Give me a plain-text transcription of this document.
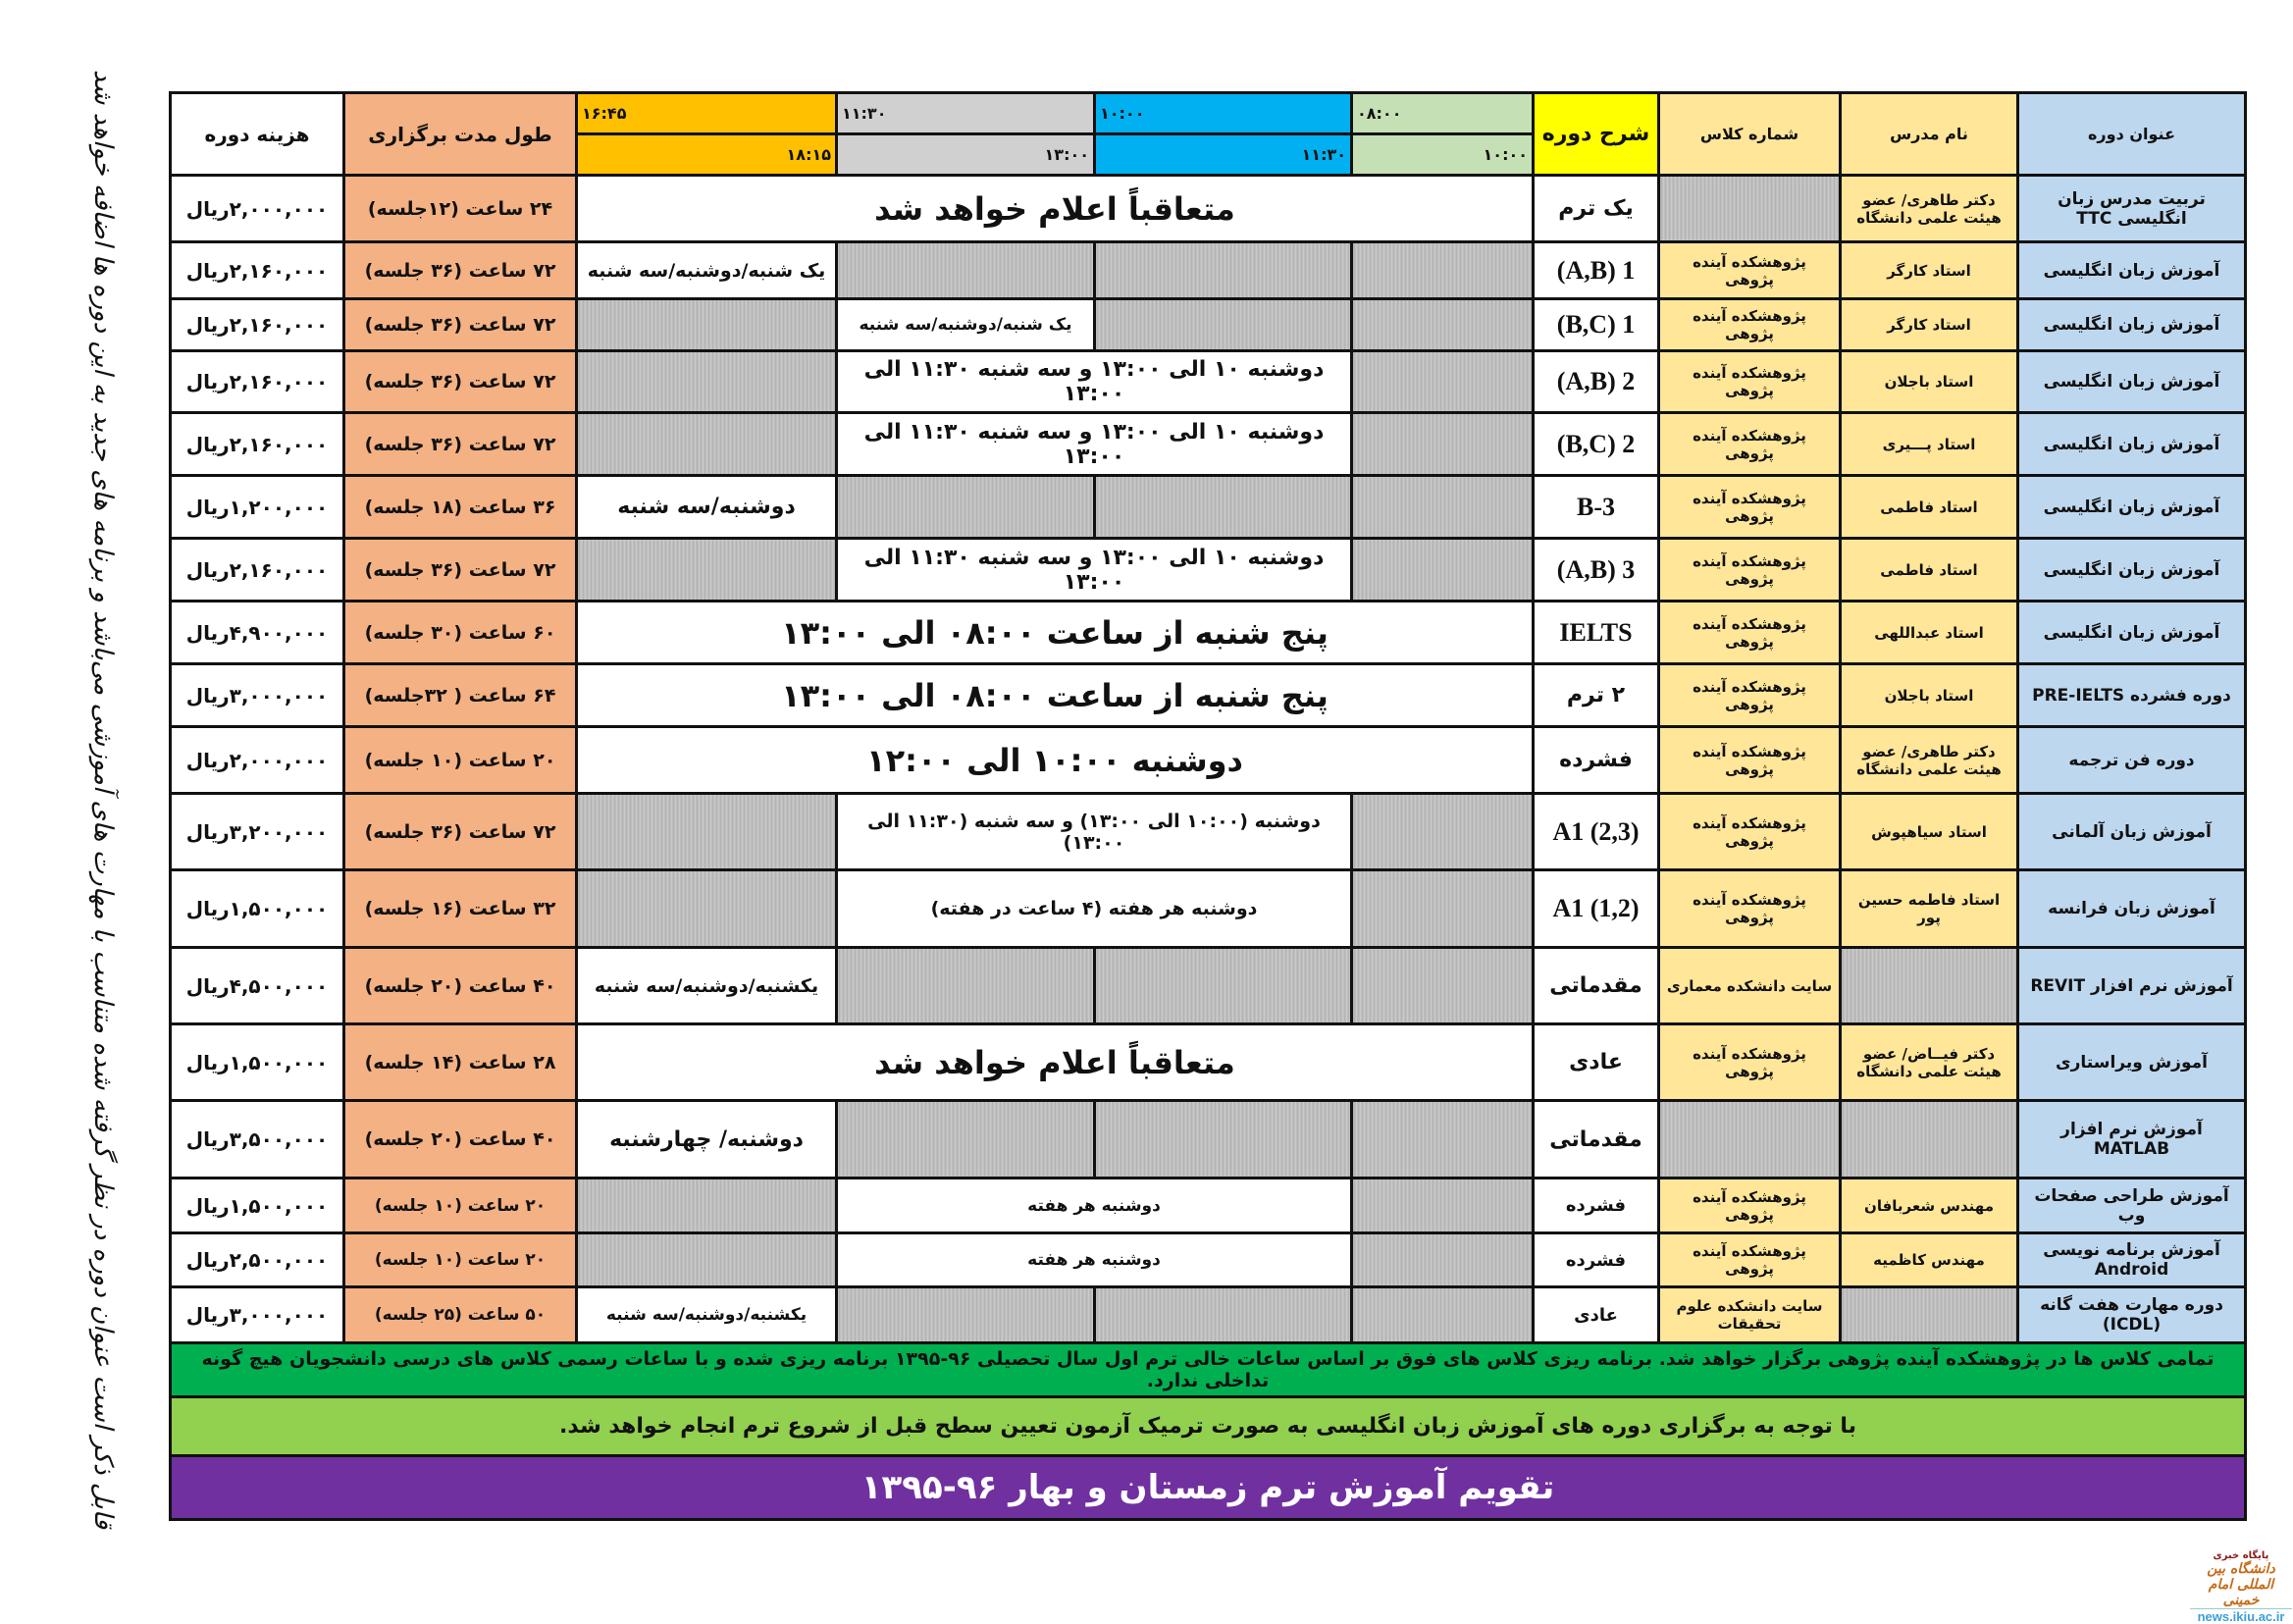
قابل ذکر است عنوان دوره در نظر گرفته شده متناسب با مهارت های آموزشی می‌باشد و برنامه های جدید به این دوره ها اضافه خواهد شد	عنوان دوره	نام مدرس	شماره کلاس	شرح دوره	۰۸:۰۰	۱۰:۰۰	۱۱:۳۰	۱۶:۴۵	طول مدت برگزاری	هزینه دوره
				۱۰:۰۰	۱۱:۳۰	۱۳:۰۰	۱۸:۱۵		
تربیت مدرس زبان انگلیسی TTC	دکتر طاهری/ عضو هیئت علمی دانشگاه		یک ترم	متعاقباً اعلام خواهد شد				۲۴ ساعت (۱۲جلسه)	۲,۰۰۰,۰۰۰ریال
آموزش زبان انگلیسی	استاد کارگر	پژوهشکده آینده پژوهی	1 (A,B)				یک شنبه/دوشنبه/سه شنبه	۷۲ ساعت (۳۶ جلسه)	۲,۱۶۰,۰۰۰ریال
آموزش زبان انگلیسی	استاد کارگر	پژوهشکده آینده پژوهی	1 (B,C)			یک شنبه/دوشنبه/سه شنبه		۷۲ ساعت (۳۶ جلسه)	۲,۱۶۰,۰۰۰ریال
آموزش زبان انگلیسی	استاد باجلان	پژوهشکده آینده پژوهی	2 (A,B)		دوشنبه ۱۰ الی ۱۳:۰۰ و سه شنبه ۱۱:۳۰ الی ۱۳:۰۰			۷۲ ساعت (۳۶ جلسه)	۲,۱۶۰,۰۰۰ریال
آموزش زبان انگلیسی	استاد پـــیری	پژوهشکده آینده پژوهی	2 (B,C)		دوشنبه ۱۰ الی ۱۳:۰۰ و سه شنبه ۱۱:۳۰ الی ۱۳:۰۰			۷۲ ساعت (۳۶ جلسه)	۲,۱۶۰,۰۰۰ریال
آموزش زبان انگلیسی	استاد فاطمی	پژوهشکده آینده پژوهی	3-B				دوشنبه/سه شنبه	۳۶ ساعت (۱۸ جلسه)	۱,۲۰۰,۰۰۰ریال
آموزش زبان انگلیسی	استاد فاطمی	پژوهشکده آینده پژوهی	3 (A,B)		دوشنبه ۱۰ الی ۱۳:۰۰ و سه شنبه ۱۱:۳۰ الی ۱۳:۰۰			۷۲ ساعت (۳۶ جلسه)	۲,۱۶۰,۰۰۰ریال
آموزش زبان انگلیسی	استاد عبداللهی	پژوهشکده آینده پژوهی	IELTS	پنج شنبه از ساعت ۰۸:۰۰ الی ۱۳:۰۰				۶۰ ساعت (۳۰ جلسه)	۴,۹۰۰,۰۰۰ریال
دوره فشرده PRE-IELTS	استاد باجلان	پژوهشکده آینده پژوهی	۲ ترم	پنج شنبه از ساعت ۰۸:۰۰ الی ۱۳:۰۰				۶۴ ساعت ( ۳۲جلسه)	۳,۰۰۰,۰۰۰ریال
دوره فن ترجمه	دکتر طاهری/ عضو هیئت علمی دانشگاه	پژوهشکده آینده پژوهی	فشرده	دوشنبه ۱۰:۰۰ الی ۱۲:۰۰				۲۰ ساعت (۱۰ جلسه)	۲,۰۰۰,۰۰۰ریال
آموزش زبان آلمانی	استاد سیاهپوش	پژوهشکده آینده پژوهی	(2,3) A1		دوشنبه (۱۰:۰۰ الی ۱۳:۰۰) و سه شنبه (۱۱:۳۰ الی ۱۳:۰۰)			۷۲ ساعت (۳۶ جلسه)	۳,۲۰۰,۰۰۰ریال
آموزش زبان فرانسه	استاد فاطمه حسین پور	پژوهشکده آینده پژوهی	(1,2) A1		دوشنبه هر هفته (۴ ساعت در هفته)			۳۲ ساعت (۱۶ جلسه)	۱,۵۰۰,۰۰۰ریال
آموزش نرم افزار REVIT		سایت دانشکده معماری	مقدماتی				یکشنبه/دوشنبه/سه شنبه	۴۰ ساعت (۲۰ جلسه)	۴,۵۰۰,۰۰۰ریال
آموزش ویراستاری	دکتر فیــاض/ عضو هیئت علمی دانشگاه	پژوهشکده آینده پژوهی	عادی	متعاقباً اعلام خواهد شد				۲۸ ساعت (۱۴ جلسه)	۱,۵۰۰,۰۰۰ریال
آموزش نرم افزار MATLAB			مقدماتی				دوشنبه/ چهارشنبه	۴۰ ساعت (۲۰ جلسه)	۳,۵۰۰,۰۰۰ریال
آموزش طراحی صفحات وب	مهندس شعربافان	پژوهشکده آینده پژوهی	فشرده		دوشنبه هر هفته			۲۰ ساعت (۱۰ جلسه)	۱,۵۰۰,۰۰۰ریال
آموزش برنامه نویسی Android	مهندس کاظمیه	پژوهشکده آینده پژوهی	فشرده		دوشنبه هر هفته			۲۰ ساعت (۱۰ جلسه)	۲,۵۰۰,۰۰۰ریال
دوره مهارت هفت گانه (ICDL)		سایت دانشکده علوم تحقیقات	عادی				یکشنبه/دوشنبه/سه شنبه	۵۰ ساعت (۲۵ جلسه)	۳,۰۰۰,۰۰۰ریال
تمامی کلاس ها در پژوهشکده آینده پژوهی برگزار خواهد شد. برنامه ریزی کلاس های فوق بر اساس ساعات خالی ترم اول سال تحصیلی ۹۶-۱۳۹۵ برنامه ریزی شده و با ساعات رسمی کلاس های درسی دانشجویان هیچ گونه تداخلی ندارد.									
با توجه به برگزاری دوره های آموزش زبان انگلیسی به صورت ترمیک آزمون تعیین سطح قبل از شروع ترم انجام خواهد شد.									
تقویم آموزش ترم زمستان و بهار ۹۶-۱۳۹۵									
پایگاه خبری
دانشگاه بین المللی امام خمینی
news.ikiu.ac.ir
